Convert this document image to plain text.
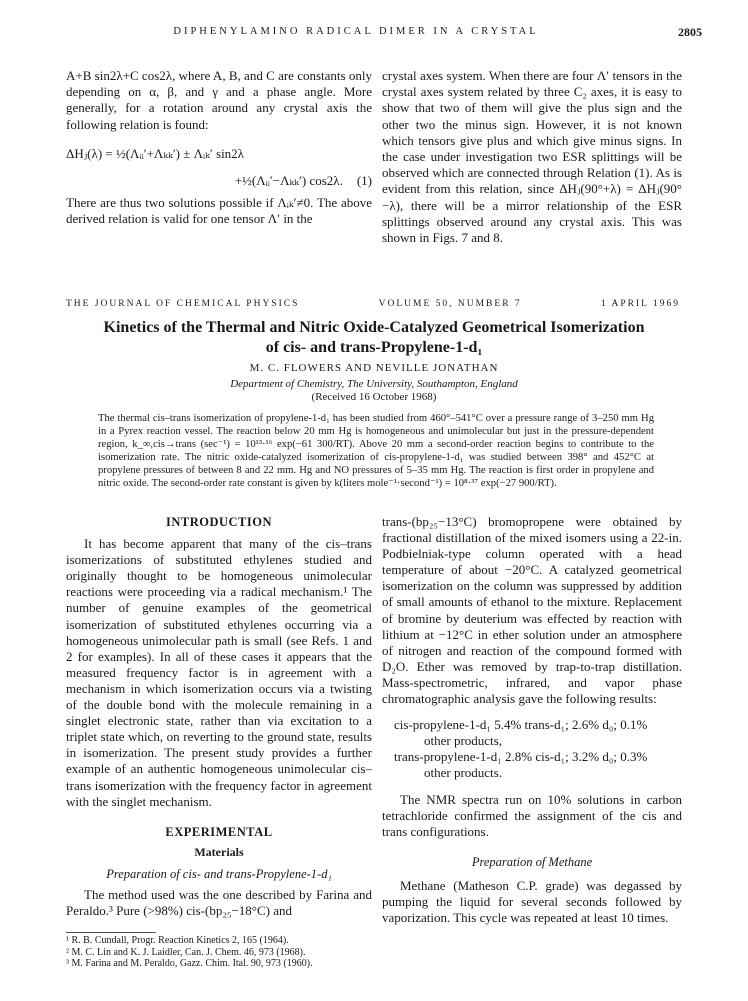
DIPHENYLAMINO RADICAL DIMER IN A CRYSTAL	2805

A+B sin2λ+C cos2λ, where A, B, and C are constants only depending on α, β, and γ and a phase angle. More generally, for a rotation around any crystal axis the following relation is found:

ΔHⱼ(λ) = ½(Λᵢᵢ′+Λₖₖ′) ± Λᵢₖ′ sin2λ
+½(Λᵢᵢ′−Λₖₖ′) cos2λ. (1)

There are thus two solutions possible if Λᵢₖ′≠0. The above derived relation is valid for one tensor Λ′ in the

crystal axes system. When there are four Λ′ tensors in the crystal axes system related by three C₂ axes, it is easy to show that two of them will give the plus sign and the other two the minus sign. However, it is not known which tensors give plus and which give minus signs. In the case under investigation two ESR splittings will be observed which are connected through Relation (1). As is evident from this relation, since ΔHⱼ(90°+λ) = ΔHⱼ(90°−λ), there will be a mirror relationship of the ESR splittings observed around any crystal axis. This was shown in Figs. 7 and 8.

THE JOURNAL OF CHEMICAL PHYSICS	VOLUME 50, NUMBER 7	1 APRIL 1969
Kinetics of the Thermal and Nitric Oxide-Catalyzed Geometrical Isomerization
of cis- and trans-Propylene-1-d₁
M. C. FLOWERS AND NEVILLE JONATHAN
Department of Chemistry, The University, Southampton, England
(Received 16 October 1968)
The thermal cis–trans isomerization of propylene-1-d₁ has been studied from 460°–541°C over a pressure range of 3–250 mm Hg in a Pyrex reaction vessel. The reaction below 20 mm Hg is homogeneous and unimolecular but just in the pressure-dependent region, k_∞,cis→trans (sec⁻¹) = 10¹³·¹⁶ exp(−61 300/RT). Above 20 mm a second-order reaction begins to contribute to the isomerization rate. The nitric oxide-catalyzed isomerization of cis-propylene-1-d₁ was studied between 398° and 452°C at propylene pressures of between 8 and 22 mm. Hg and NO pressures of 5–35 mm Hg. The reaction is first order in propylene and nitric oxide. The second-order rate constant is given by k(liters mole⁻¹·second⁻¹) = 10⁸·³⁷ exp(−27 900/RT).
INTRODUCTION

It has become apparent that many of the cis–trans isomerizations of substituted ethylenes studied and originally thought to be homogeneous unimolecular reactions were proceeding via a radical mechanism.¹ The number of genuine examples of the geometrical isomerization of substituted ethylenes occurring via a homogeneous unimolecular path is small (see Refs. 1 and 2 for examples). In all of these cases it appears that the measured frequency factor is in agreement with a mechanism in which isomerization occurs via a twisting of the double bond with the molecule remaining in a singlet electronic state, rather than via excitation to a triplet state which, on reverting to the ground state, results in isomerization. The present study provides a further example of an authentic homogeneous unimolecular cis–trans isomerization with the frequency factor in agreement with the singlet mechanism.

EXPERIMENTAL
Materials
Preparation of cis- and trans-Propylene-1-d₁

The method used was the one described by Farina and Peraldo.³ Pure (>98%) cis-(bp₂₅−18°C) and

¹ R. B. Cundall, Progr. Reaction Kinetics 2, 165 (1964).
² M. C. Lin and K. J. Laidler, Can. J. Chem. 46, 973 (1968).
³ M. Farina and M. Peraldo, Gazz. Chim. Ital. 90, 973 (1960).

trans-(bp₂₅−13°C) bromopropene were obtained by fractional distillation of the mixed isomers using a 22-in. Podbielniak-type column operated with a head temperature of about −20°C. A catalyzed geometrical isomerization on the column was suppressed by addition of small amounts of ethanol to the mixture. Replacement of bromine by deuterium was effected by reaction with lithium at −12°C in ether solution under an atmosphere of nitrogen and reaction of the compound formed with D₂O. Ether was removed by trap-to-trap distillation. Mass-spectrometric, infrared, and vapor phase chromatographic analysis gave the following results:

cis-propylene-1-d₁ 5.4% trans-d₁; 2.6% d₀; 0.1%
other products,
trans-propylene-1-d₁ 2.8% cis-d₁; 3.2% d₀; 0.3%
other products.

The NMR spectra run on 10% solutions in carbon tetrachloride confirmed the assignment of the cis and trans configurations.

Preparation of Methane

Methane (Matheson C.P. grade) was degassed by pumping the liquid for several seconds followed by vaporization. This cycle was repeated at least 10 times.
